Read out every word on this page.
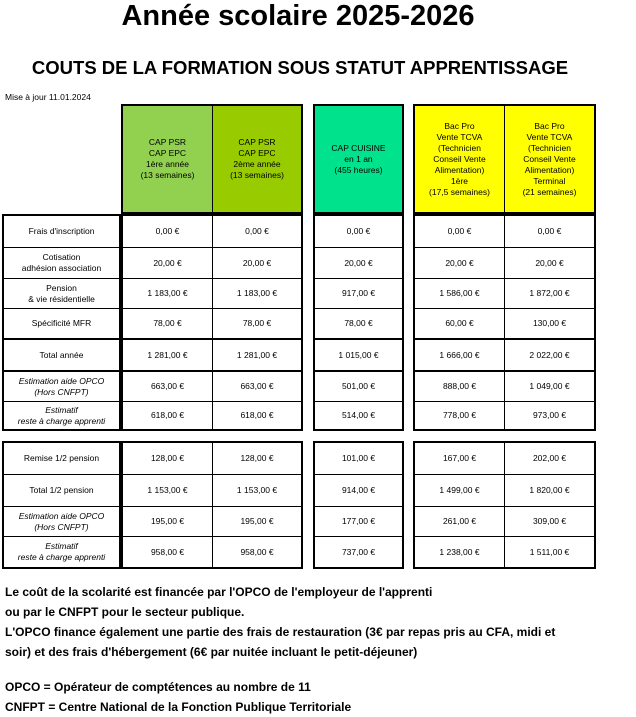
Année scolaire 2025-2026
COUTS DE LA FORMATION SOUS STATUT APPRENTISSAGE
Mise à jour 11.01.2024
CAP PSR
CAP EPC
1ère année
(13 semaines)
CAP PSR
CAP EPC
2ème année
(13 semaines)
CAP CUISINE
en 1 an
(455 heures)
Bac Pro
Vente TCVA
(Technicien
Conseil Vente
Alimentation)
1ère
(17,5 semaines)
Bac Pro
Vente TCVA
(Technicien
Conseil Vente
Alimentation)
Terminal
(21 semaines)
Frais d'inscription
Cotisation
adhésion association
Pension
& vie résidentielle
Spécificité MFR
Total année
Estimation aide OPCO
(Hors CNFPT)
Estimatif
reste à charge apprenti
0,00 €
20,00 €
1 183,00 €
78,00 €
1 281,00 €
663,00 €
618,00 €
0,00 €
20,00 €
1 183,00 €
78,00 €
1 281,00 €
663,00 €
618,00 €
0,00 €
20,00 €
917,00 €
78,00 €
1 015,00 €
501,00 €
514,00 €
0,00 €
20,00 €
1 586,00 €
60,00 €
1 666,00 €
888,00 €
778,00 €
0,00 €
20,00 €
1 872,00 €
130,00 €
2 022,00 €
1 049,00 €
973,00 €
Remise 1/2 pension
Total 1/2 pension
Estimation aide OPCO
(Hors CNFPT)
Estimatif
reste à charge apprenti
128,00 €
1 153,00 €
195,00 €
958,00 €
128,00 €
1 153,00 €
195,00 €
958,00 €
101,00 €
914,00 €
177,00 €
737,00 €
167,00 €
1 499,00 €
261,00 €
1 238,00 €
202,00 €
1 820,00 €
309,00 €
1 511,00 €
Le coût de la scolarité est financée par l'OPCO de l'employeur de l'apprenti
ou par le CNFPT pour le secteur publique.
L'OPCO finance également une partie des frais de restauration (3€ par repas pris au CFA, midi et
soir) et des frais d'hébergement (6€ par nuitée incluant le petit-déjeuner)
OPCO = Opérateur de comptétences au nombre de 11
CNFPT = Centre National de la Fonction Publique Territoriale
